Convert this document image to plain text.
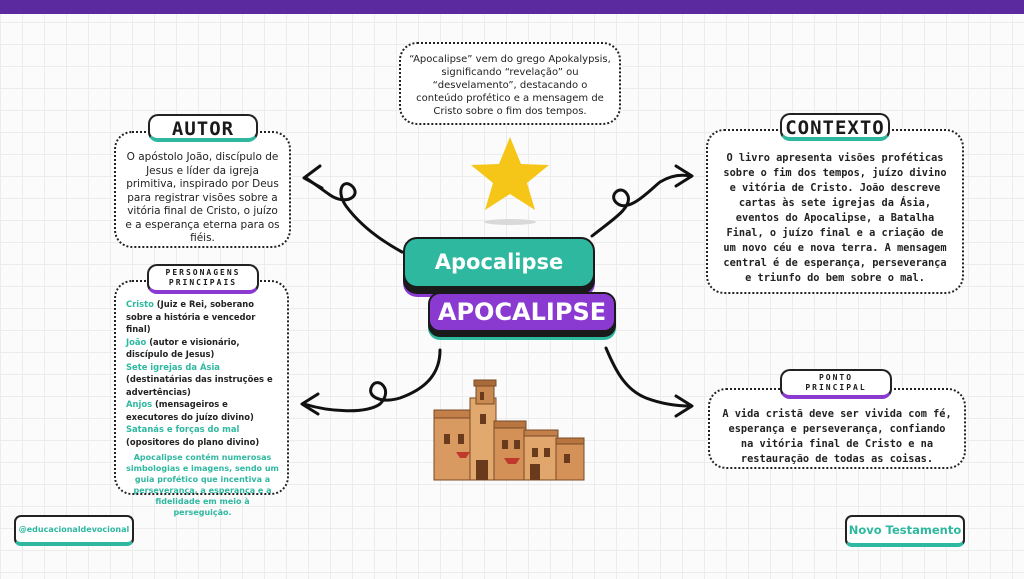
“Apocalipse” vem do grego Apokalypsis, significando “revelação” ou “desvelamento”, destacando o conteúdo profético e a mensagem de Cristo sobre o fim dos tempos.
O apóstolo João, discípulo de Jesus e líder da igreja primitiva, inspirado por Deus para registrar visões sobre a vitória final de Cristo, o juízo e a esperança eterna para os fiéis.
AUTOR
O livro apresenta visões proféticas sobre o fim dos tempos, juízo divino e vitória de Cristo. João descreve cartas às sete igrejas da Ásia, eventos do Apocalipse, a Batalha Final, o juízo final e a criação de um novo céu e nova terra. A mensagem central é de esperança, perseverança e triunfo do bem sobre o mal.
CONTEXTO
Cristo (Juiz e Rei, soberano sobre a história e vencedor final)
João (autor e visionário, discípulo de Jesus)
Sete igrejas da Ásia (destinatárias das instruções e advertências)
Anjos (mensageiros e executores do juízo divino)
Satanás e forças do mal (opositores do plano divino)
Apocalipse contém numerosas simbologias e imagens, sendo um guia profético que incentiva a perseverança, a esperança e a fidelidade em meio à perseguição.
PERSONAGENS
PRINCIPAIS
A vida cristã deve ser vivida com fé, esperança e perseverança, confiando na vitória final de Cristo e na restauração de todas as coisas.
PONTO
PRINCIPAL
Apocalipse
APOCALIPSE
@educacionaldevocional	Novo Testamento
